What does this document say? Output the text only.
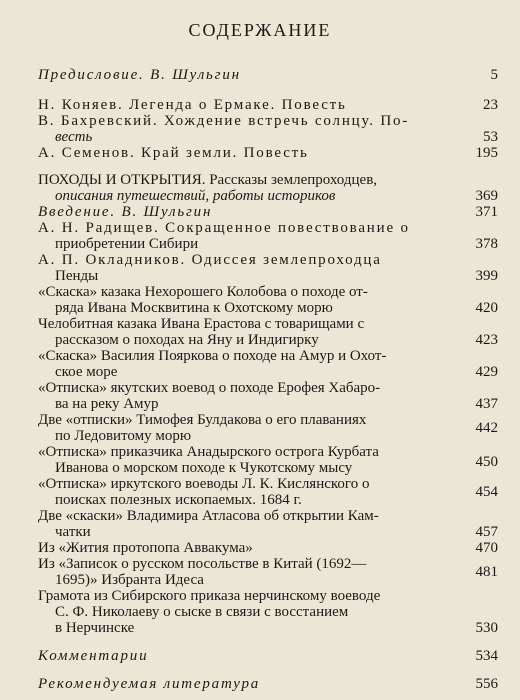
СОДЕРЖАНИЕ
Предисловие. В. Шульгин	5
Н. Коняев. Легенда о Ермаке. Повесть	23
В. Бахревский. Хождение встречь солнцу. По-
весть	53
А. Семенов. Край земли. Повесть	195
ПОХОДЫ И ОТКРЫТИЯ. Рассказы землепроходцев,
описания путешествий, работы историков	369
Введение. В. Шульгин	371
А. Н. Радищев. Сокращенное повествование о
приобретении Сибири	378
А. П. Окладников. Одиссея землепроходца
Пенды	399
«Скаска» казака Нехорошего Колобова о походе от-
ряда Ивана Москвитина к Охотскому морю	420
Челобитная казака Ивана Ерастова с товарищами с
рассказом о походах на Яну и Индигирку	423
«Скаска» Василия Пояркова о походе на Амур и Охот-
ское море	429
«Отписка» якутских воевод о походе Ерофея Хабаро-
ва на реку Амур	437
Две «отписки» Тимофея Булдакова о его плаваниях
по Ледовитому морю	442
«Отписка» приказчика Анадырского острога Курбата
Иванова о морском походе к Чукотскому мысу	450
«Отписка» иркутского воеводы Л. К. Кислянского о
поисках полезных ископаемых. 1684 г.	454
Две «скаски» Владимира Атласова об открытии Кам-
чатки	457
Из «Жития протопопа Аввакума»	470
Из «Записок о русском посольстве в Китай (1692—
1695)» Избранта Идеса	481
Грамота из Сибирского приказа нерчинскому воеводе
С. Ф. Николаеву о сыске в связи с восстанием
в Нерчинске	530
Комментарии	534
Рекомендуемая литература	556
